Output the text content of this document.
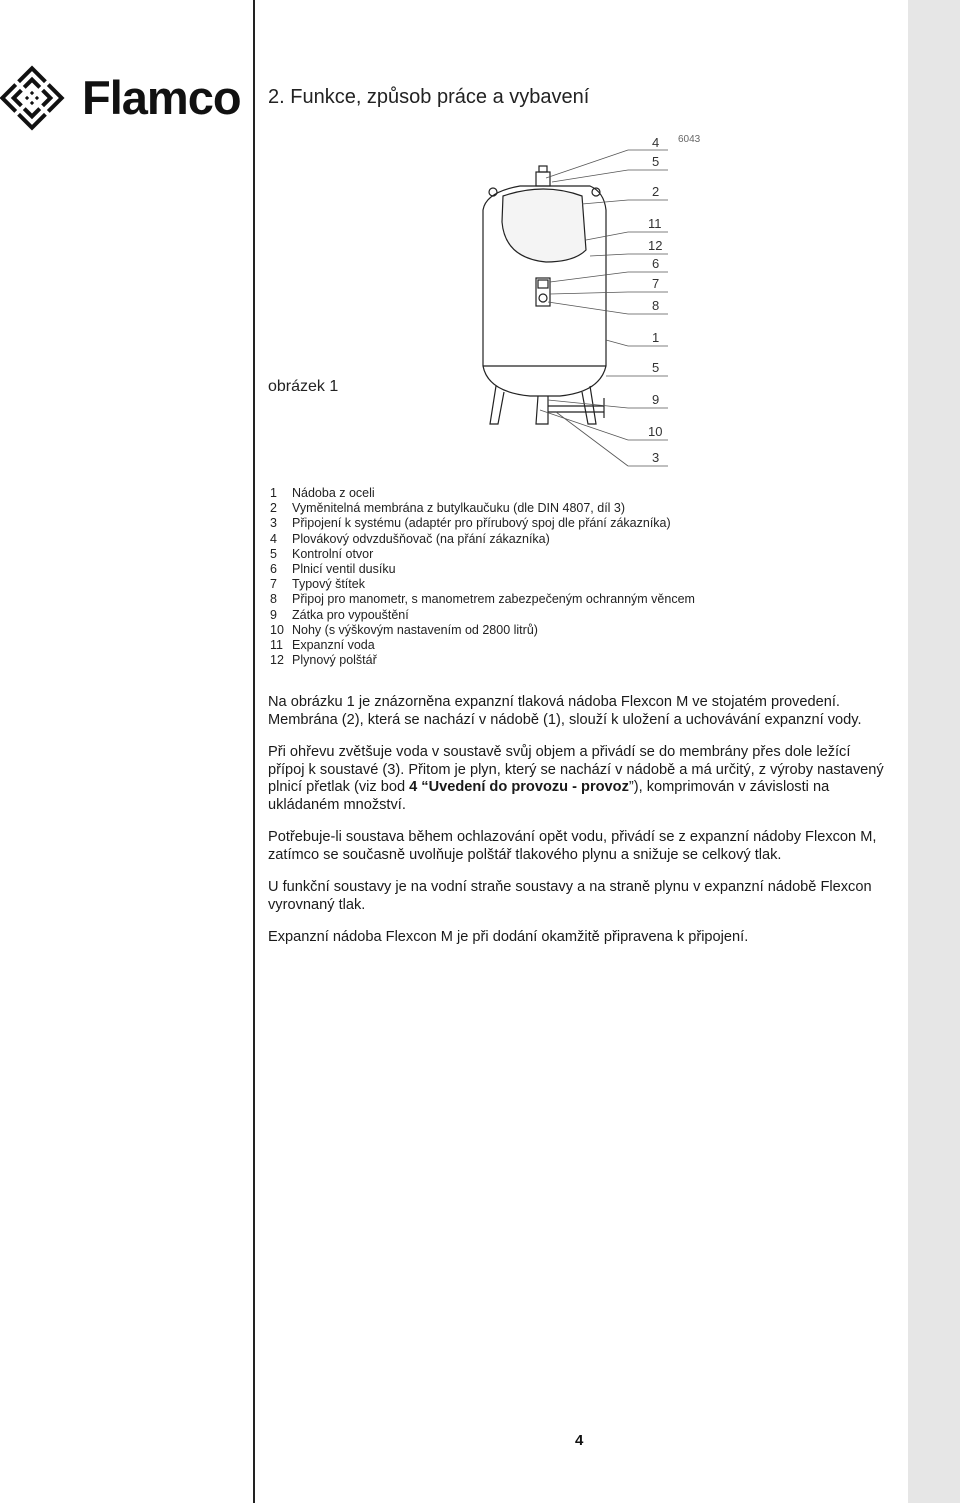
Flamco 2. Funkce, způsob práce a vybavení
6043
obrázek 1
4
5
2
11
12
6
7
8
1
5
9
10
3
1 Nádoba z oceli
2 Vyměnitelná membrána z butylkaučuku (dle DIN 4807, díl 3)
3 Připojení k systému (adaptér pro přírubový spoj dle přání zákazníka)
4 Plovákový odvzdušňovač (na přání zákazníka)
5 Kontrolní otvor
6 Plnicí ventil dusíku
7 Typový štítek
8 Připoj pro manometr, s manometrem zabezpečeným ochranným věncem
9 Zátka pro vypouštění
10 Nohy (s výškovým nastavením od 2800 litrů)
11 Expanzní voda
12 Plynový polštář

Na obrázku 1 je znázorněna expanzní tlaková nádoba Flexcon M ve stojatém provedení. Membrána (2), která se nachází v nádobě (1), slouží k uložení a uchovávání expanzní vody.

Při ohřevu zvětšuje voda v soustavě svůj objem a přivádí se do membrány přes dole ležící přípoj k soustavé (3). Přitom je plyn, který se nachází v nádobě a má určitý, z výroby nastavený plnicí přetlak (viz bod 4 “Uvedení do provozu - provoz”), komprimován v závislosti na ukládaném množství.

Potřebuje-li soustava během ochlazování opět vodu, přivádí se z expanzní nádoby Flexcon M, zatímco se současně uvolňuje polštář tlakového plynu a snižuje se celkový tlak.

U funkční soustavy je na vodní straňe soustavy a na straně plynu v expanzní nádobě Flexcon vyrovnaný tlak.

Expanzní nádoba Flexcon M je při dodání okamžitě připravena k připojení.

4
